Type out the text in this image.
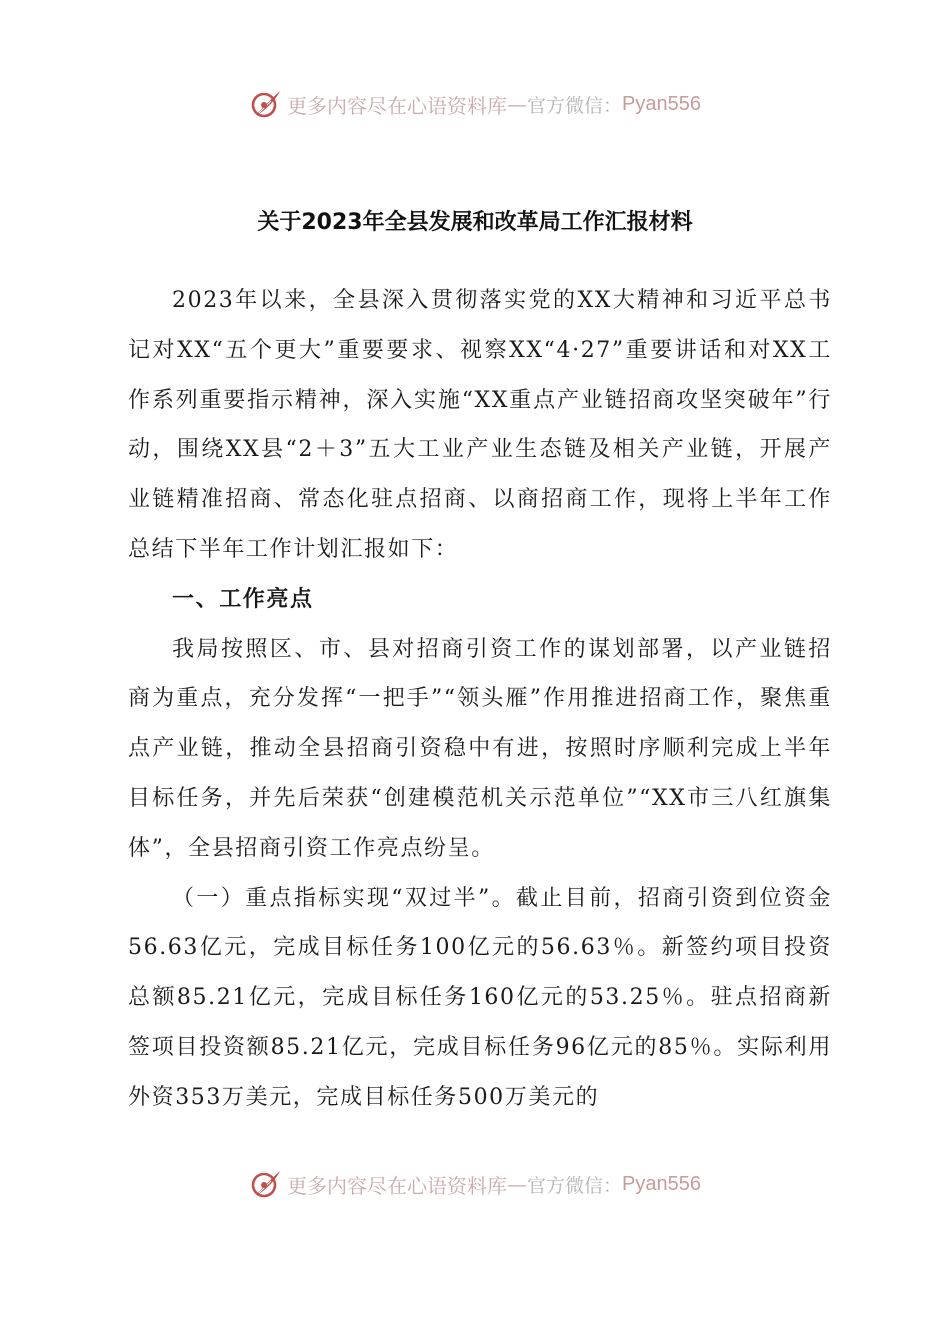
更多内容尽在心语资料库 — 官方微信： Pyan556
关于2023年全县发展和改革局工作汇报材料

2023年以来，全县深入贯彻落实党的XX大精神和习近平总书记对XX“五个更大”重要要求、视察XX“4·27”重要讲话和对XX工作系列重要指示精神，深入实施“XX重点产业链招商攻坚突破年”行动，围绕XX县“2＋3”五大工业产业生态链及相关产业链，开展产业链精准招商、常态化驻点招商、以商招商工作，现将上半年工作总结下半年工作计划汇报如下：

一、工作亮点

我局按照区、市、县对招商引资工作的谋划部署，以产业链招商为重点，充分发挥“一把手”“领头雁”作用推进招商工作，聚焦重点产业链，推动全县招商引资稳中有进，按照时序顺利完成上半年目标任务，并先后荣获“创建模范机关示范单位”“XX市三八红旗集体”，全县招商引资工作亮点纷呈。

（一）重点指标实现“双过半”。截止目前，招商引资到位资金56.63亿元，完成目标任务100亿元的56.63％。新签约项目投资总额85.21亿元，完成目标任务160亿元的53.25％。驻点招商新签项目投资额85.21亿元，完成目标任务96亿元的85％。实际利用外资353万美元，完成目标任务500万美元的

更多内容尽在心语资料库 — 官方微信： Pyan556
